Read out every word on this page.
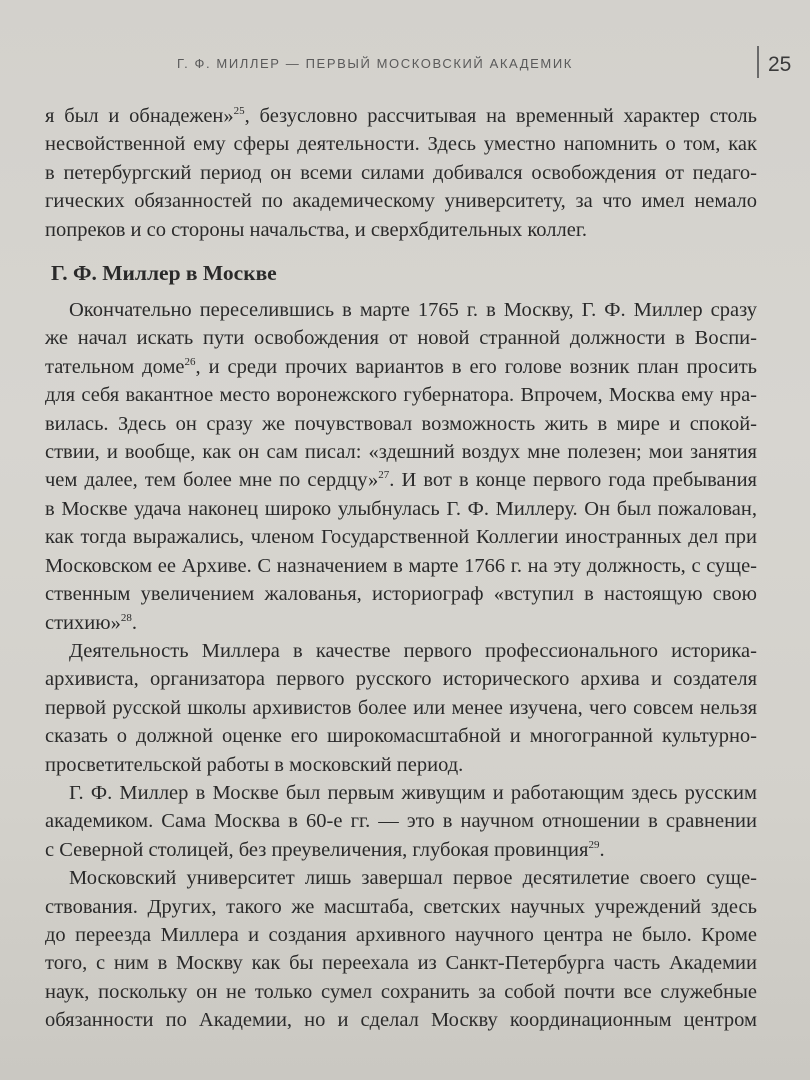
Г. Ф. МИЛЛЕР — ПЕРВЫЙ МОСКОВСКИЙ АКАДЕМИК	25
я был и обнадежен»$^{25}$, безусловно рассчитывая на временный характер столь
несвойственной ему сферы деятельности. Здесь уместно напомнить о том, как
в петербургский период он всеми силами добивался освобождения от педаго-
гических обязанностей по академическому университету, за что имел немало
попреков и со стороны начальства, и сверхбдительных коллег.
Г. Ф. Миллер в Москве
Окончательно переселившись в марте 1765 г. в Москву, Г. Ф. Миллер сразу
же начал искать пути освобождения от новой странной должности в Воспи-
тательном доме$^{26}$, и среди прочих вариантов в его голове возник план просить
для себя вакантное место воронежского губернатора. Впрочем, Москва ему нра-
вилась. Здесь он сразу же почувствовал возможность жить в мире и спокой-
ствии, и вообще, как он сам писал: «здешний воздух мне полезен; мои занятия
чем далее, тем более мне по сердцу»$^{27}$. И вот в конце первого года пребывания
в Москве удача наконец широко улыбнулась Г. Ф. Миллеру. Он был пожалован,
как тогда выражались, членом Государственной Коллегии иностранных дел при
Московском ее Архиве. С назначением в марте 1766 г. на эту должность, с суще-
ственным увеличением жалованья, историограф «вступил в настоящую свою
стихию»$^{28}$.
Деятельность Миллера в качестве первого профессионального историка-
архивиста, организатора первого русского исторического архива и создателя
первой русской школы архивистов более или менее изучена, чего совсем нельзя
сказать о должной оценке его широкомасштабной и многогранной культурно-
просветительской работы в московский период.
Г. Ф. Миллер в Москве был первым живущим и работающим здесь русским
академиком. Сама Москва в 60-е гг. — это в научном отношении в сравнении
с Северной столицей, без преувеличения, глубокая провинция$^{29}$.
Московский университет лишь завершал первое десятилетие своего суще-
ствования. Других, такого же масштаба, светских научных учреждений здесь
до переезда Миллера и создания архивного научного центра не было. Кроме
того, с ним в Москву как бы переехала из Санкт-Петербурга часть Академии
наук, поскольку он не только сумел сохранить за собой почти все служебные
обязанности по Академии, но и сделал Москву координационным центром
